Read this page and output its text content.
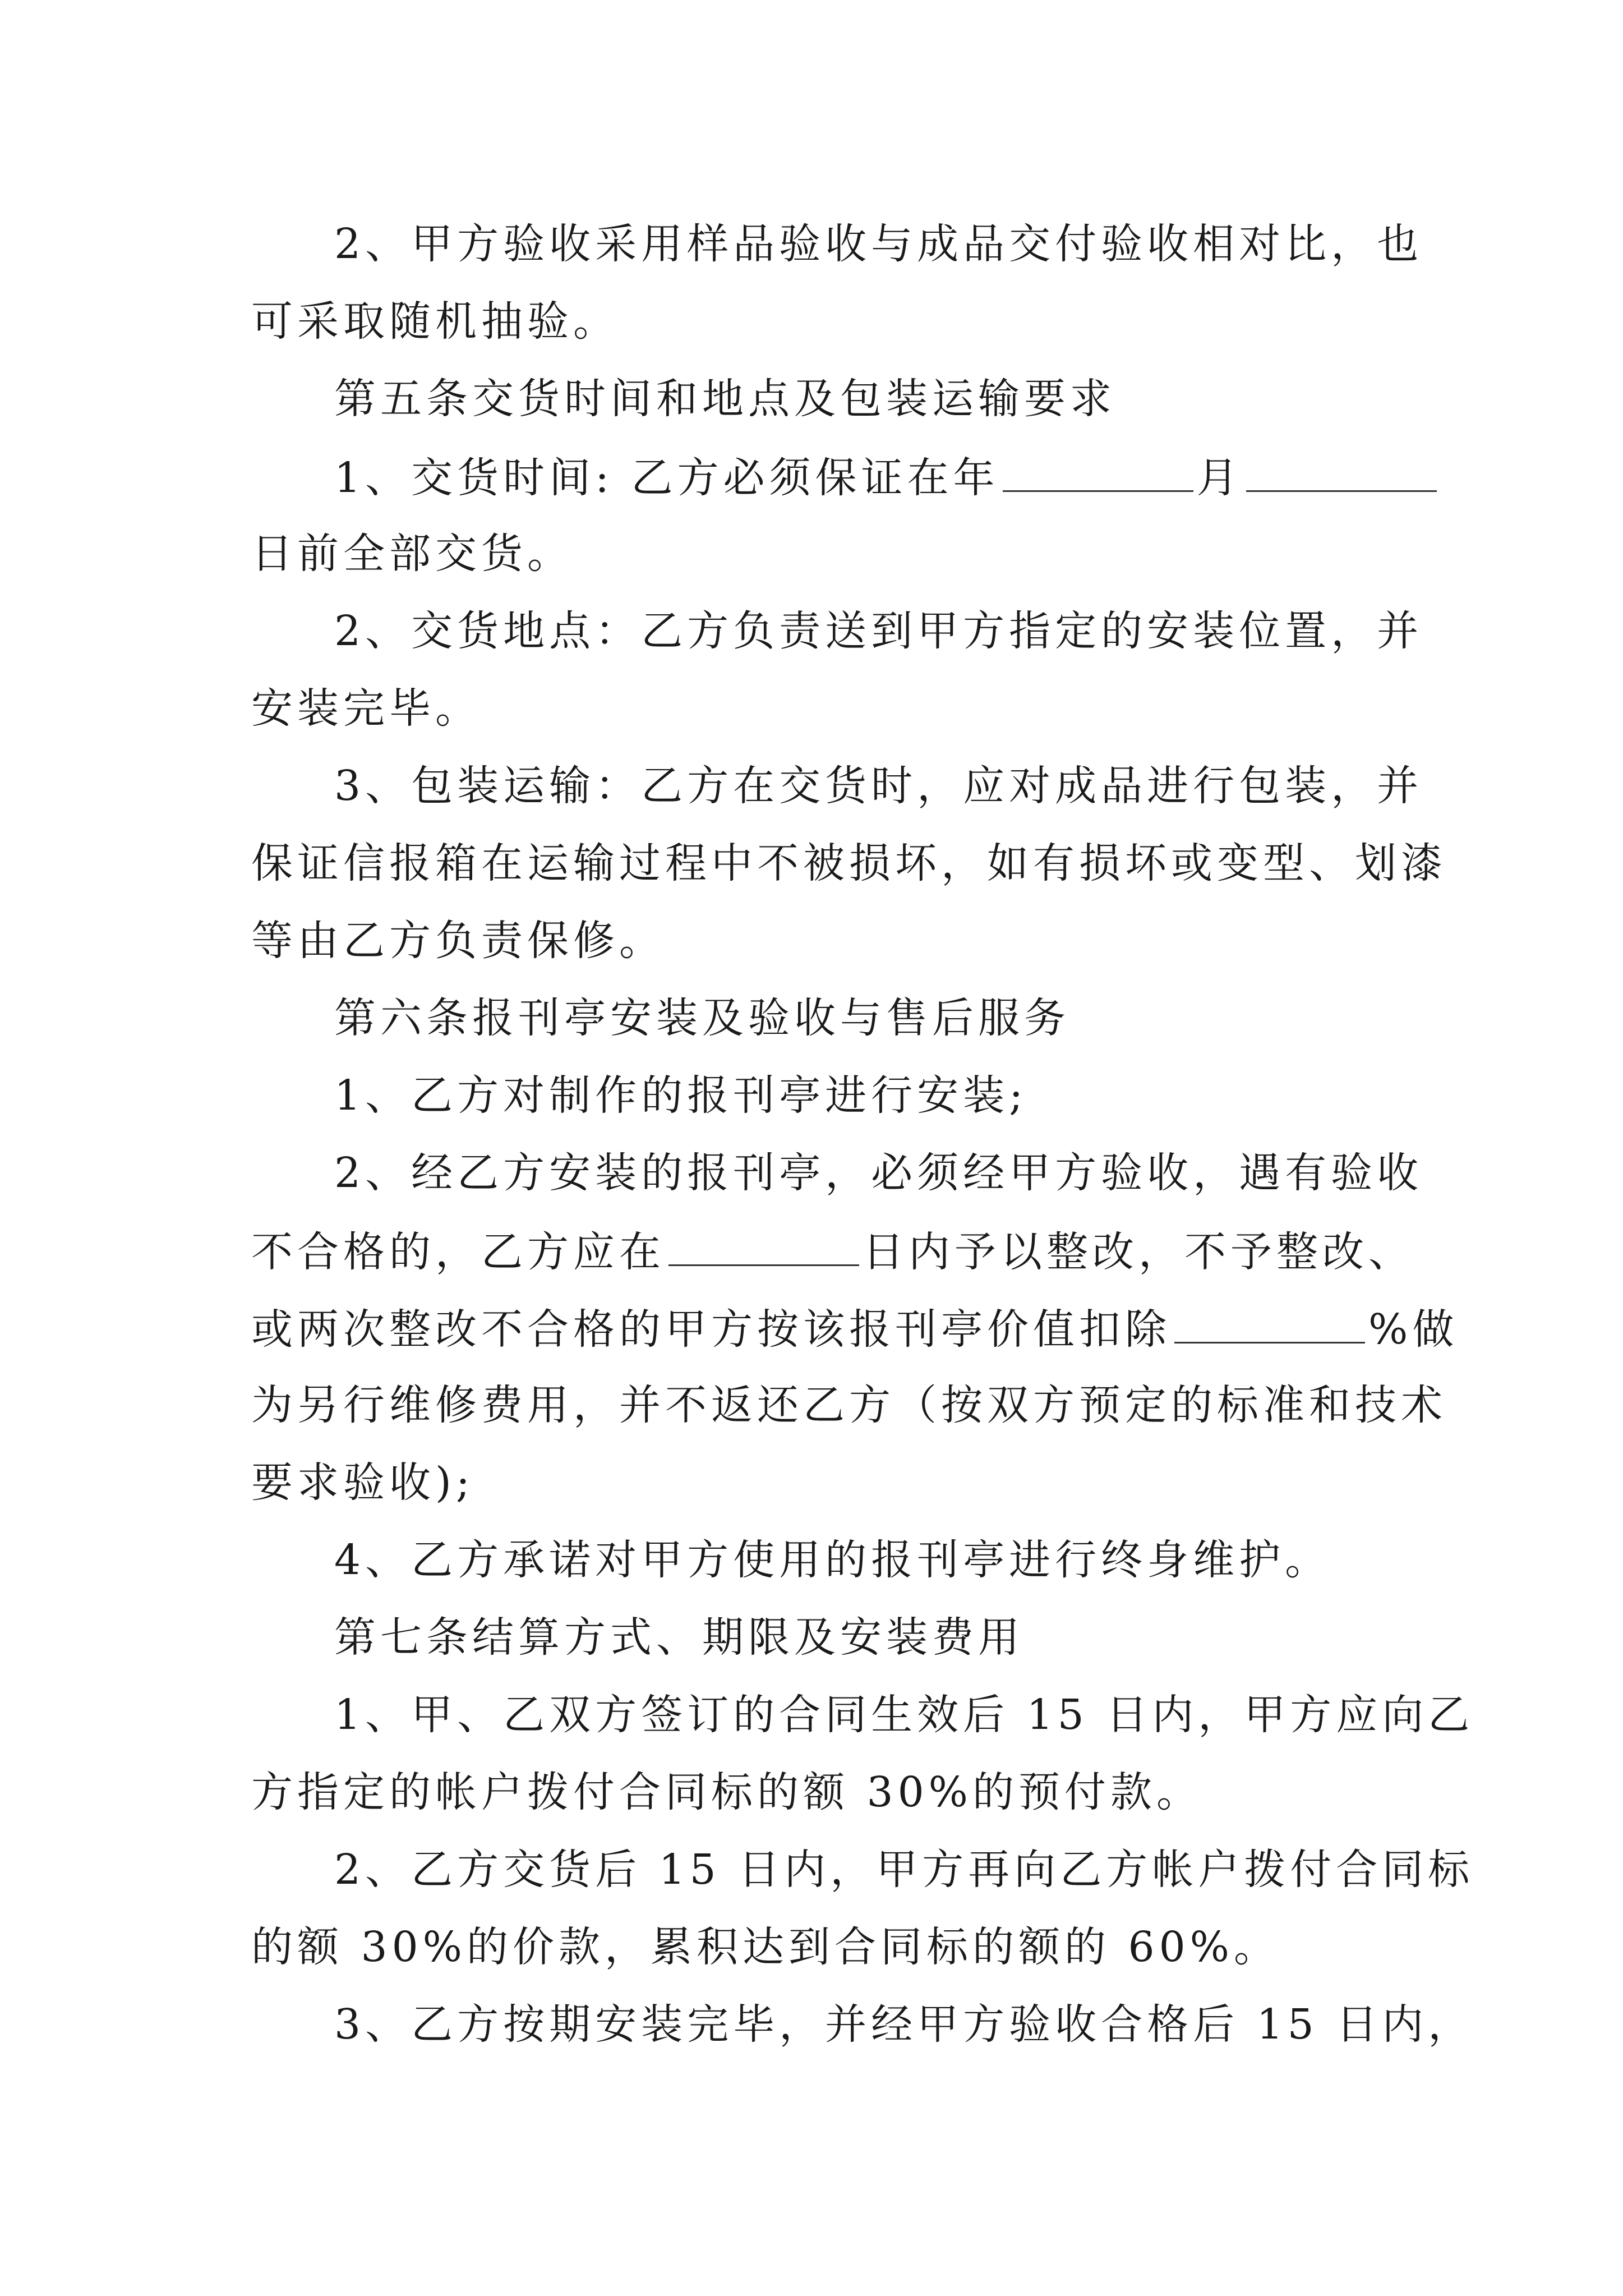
2、甲方验收采用样品验收与成品交付验收相对比，也
可采取随机抽验。
第五条交货时间和地点及包装运输要求
1、交货时间: 乙方必须保证在年	月
日前全部交货。
2、交货地点：乙方负责送到甲方指定的安装位置，并
安装完毕。
3、包装运输：乙方在交货时，应对成品进行包装，并
保证信报箱在运输过程中不被损坏，如有损坏或变型、划漆
等由乙方负责保修。
第六条报刊亭安装及验收与售后服务
1、乙方对制作的报刊亭进行安装;
2、经乙方安装的报刊亭，必须经甲方验收，遇有验收
不合格的，乙方应在	日内予以整改，不予整改、
或两次整改不合格的甲方按该报刊亭价值扣除	%做
为另行维修费用，并不返还乙方（按双方预定的标准和技术
要求验收);
4、乙方承诺对甲方使用的报刊亭进行终身维护。
第七条结算方式、期限及安装费用
1、甲、乙双方签订的合同生效后 15 日内，甲方应向乙
方指定的帐户拨付合同标的额 30%的预付款。
2、乙方交货后 15 日内，甲方再向乙方帐户拨付合同标
的额 30%的价款，累积达到合同标的额的 60%。
3、乙方按期安装完毕，并经甲方验收合格后 15 日内，
